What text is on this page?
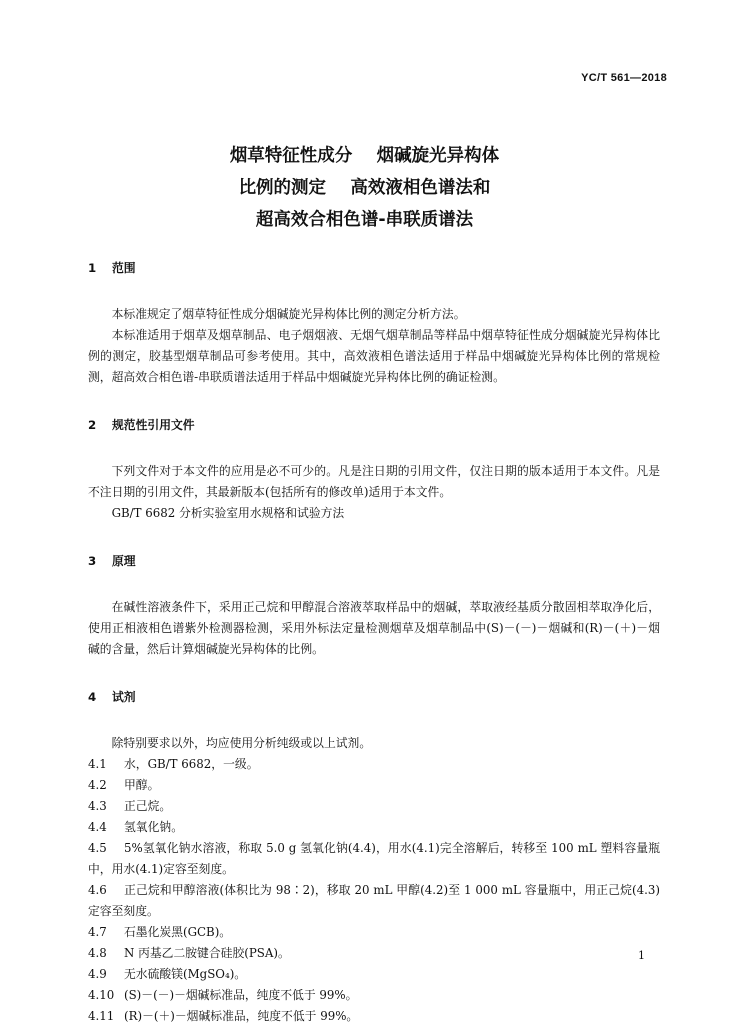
YC/T 561—2018
烟草特征性成分    烟碱旋光异构体
比例的测定    高效液相色谱法和
超高效合相色谱-串联质谱法
1 范围
本标准规定了烟草特征性成分烟碱旋光异构体比例的测定分析方法。
本标准适用于烟草及烟草制品、电子烟烟液、无烟气烟草制品等样品中烟草特征性成分烟碱旋光异构体比例的测定，胶基型烟草制品可参考使用。其中，高效液相色谱法适用于样品中烟碱旋光异构体比例的常规检测，超高效合相色谱-串联质谱法适用于样品中烟碱旋光异构体比例的确证检测。
2 规范性引用文件
下列文件对于本文件的应用是必不可少的。凡是注日期的引用文件，仅注日期的版本适用于本文件。凡是不注日期的引用文件，其最新版本(包括所有的修改单)适用于本文件。
GB/T 6682 分析实验室用水规格和试验方法
3 原理
在碱性溶液条件下，采用正己烷和甲醇混合溶液萃取样品中的烟碱，萃取液经基质分散固相萃取净化后，使用正相液相色谱紫外检测器检测，采用外标法定量检测烟草及烟草制品中(S)－(－)－烟碱和(R)－(＋)－烟碱的含量，然后计算烟碱旋光异构体的比例。
4 试剂
除特别要求以外，均应使用分析纯级或以上试剂。
4.1 水，GB/T 6682，一级。
4.2 甲醇。
4.3 正己烷。
4.4 氢氧化钠。
4.5 5%氢氧化钠水溶液，称取 5.0 g 氢氧化钠(4.4)，用水(4.1)完全溶解后，转移至 100 mL 塑料容量瓶中，用水(4.1)定容至刻度。
4.6 正己烷和甲醇溶液(体积比为 98∶2)，移取 20 mL 甲醇(4.2)至 1 000 mL 容量瓶中，用正己烷(4.3)定容至刻度。
4.7 石墨化炭黑(GCB)。
4.8 N 丙基乙二胺键合硅胶(PSA)。
4.9 无水硫酸镁(MgSO₄)。
4.10 (S)－(－)－烟碱标准品，纯度不低于 99%。
4.11 (R)－(＋)－烟碱标准品，纯度不低于 99%。
1
